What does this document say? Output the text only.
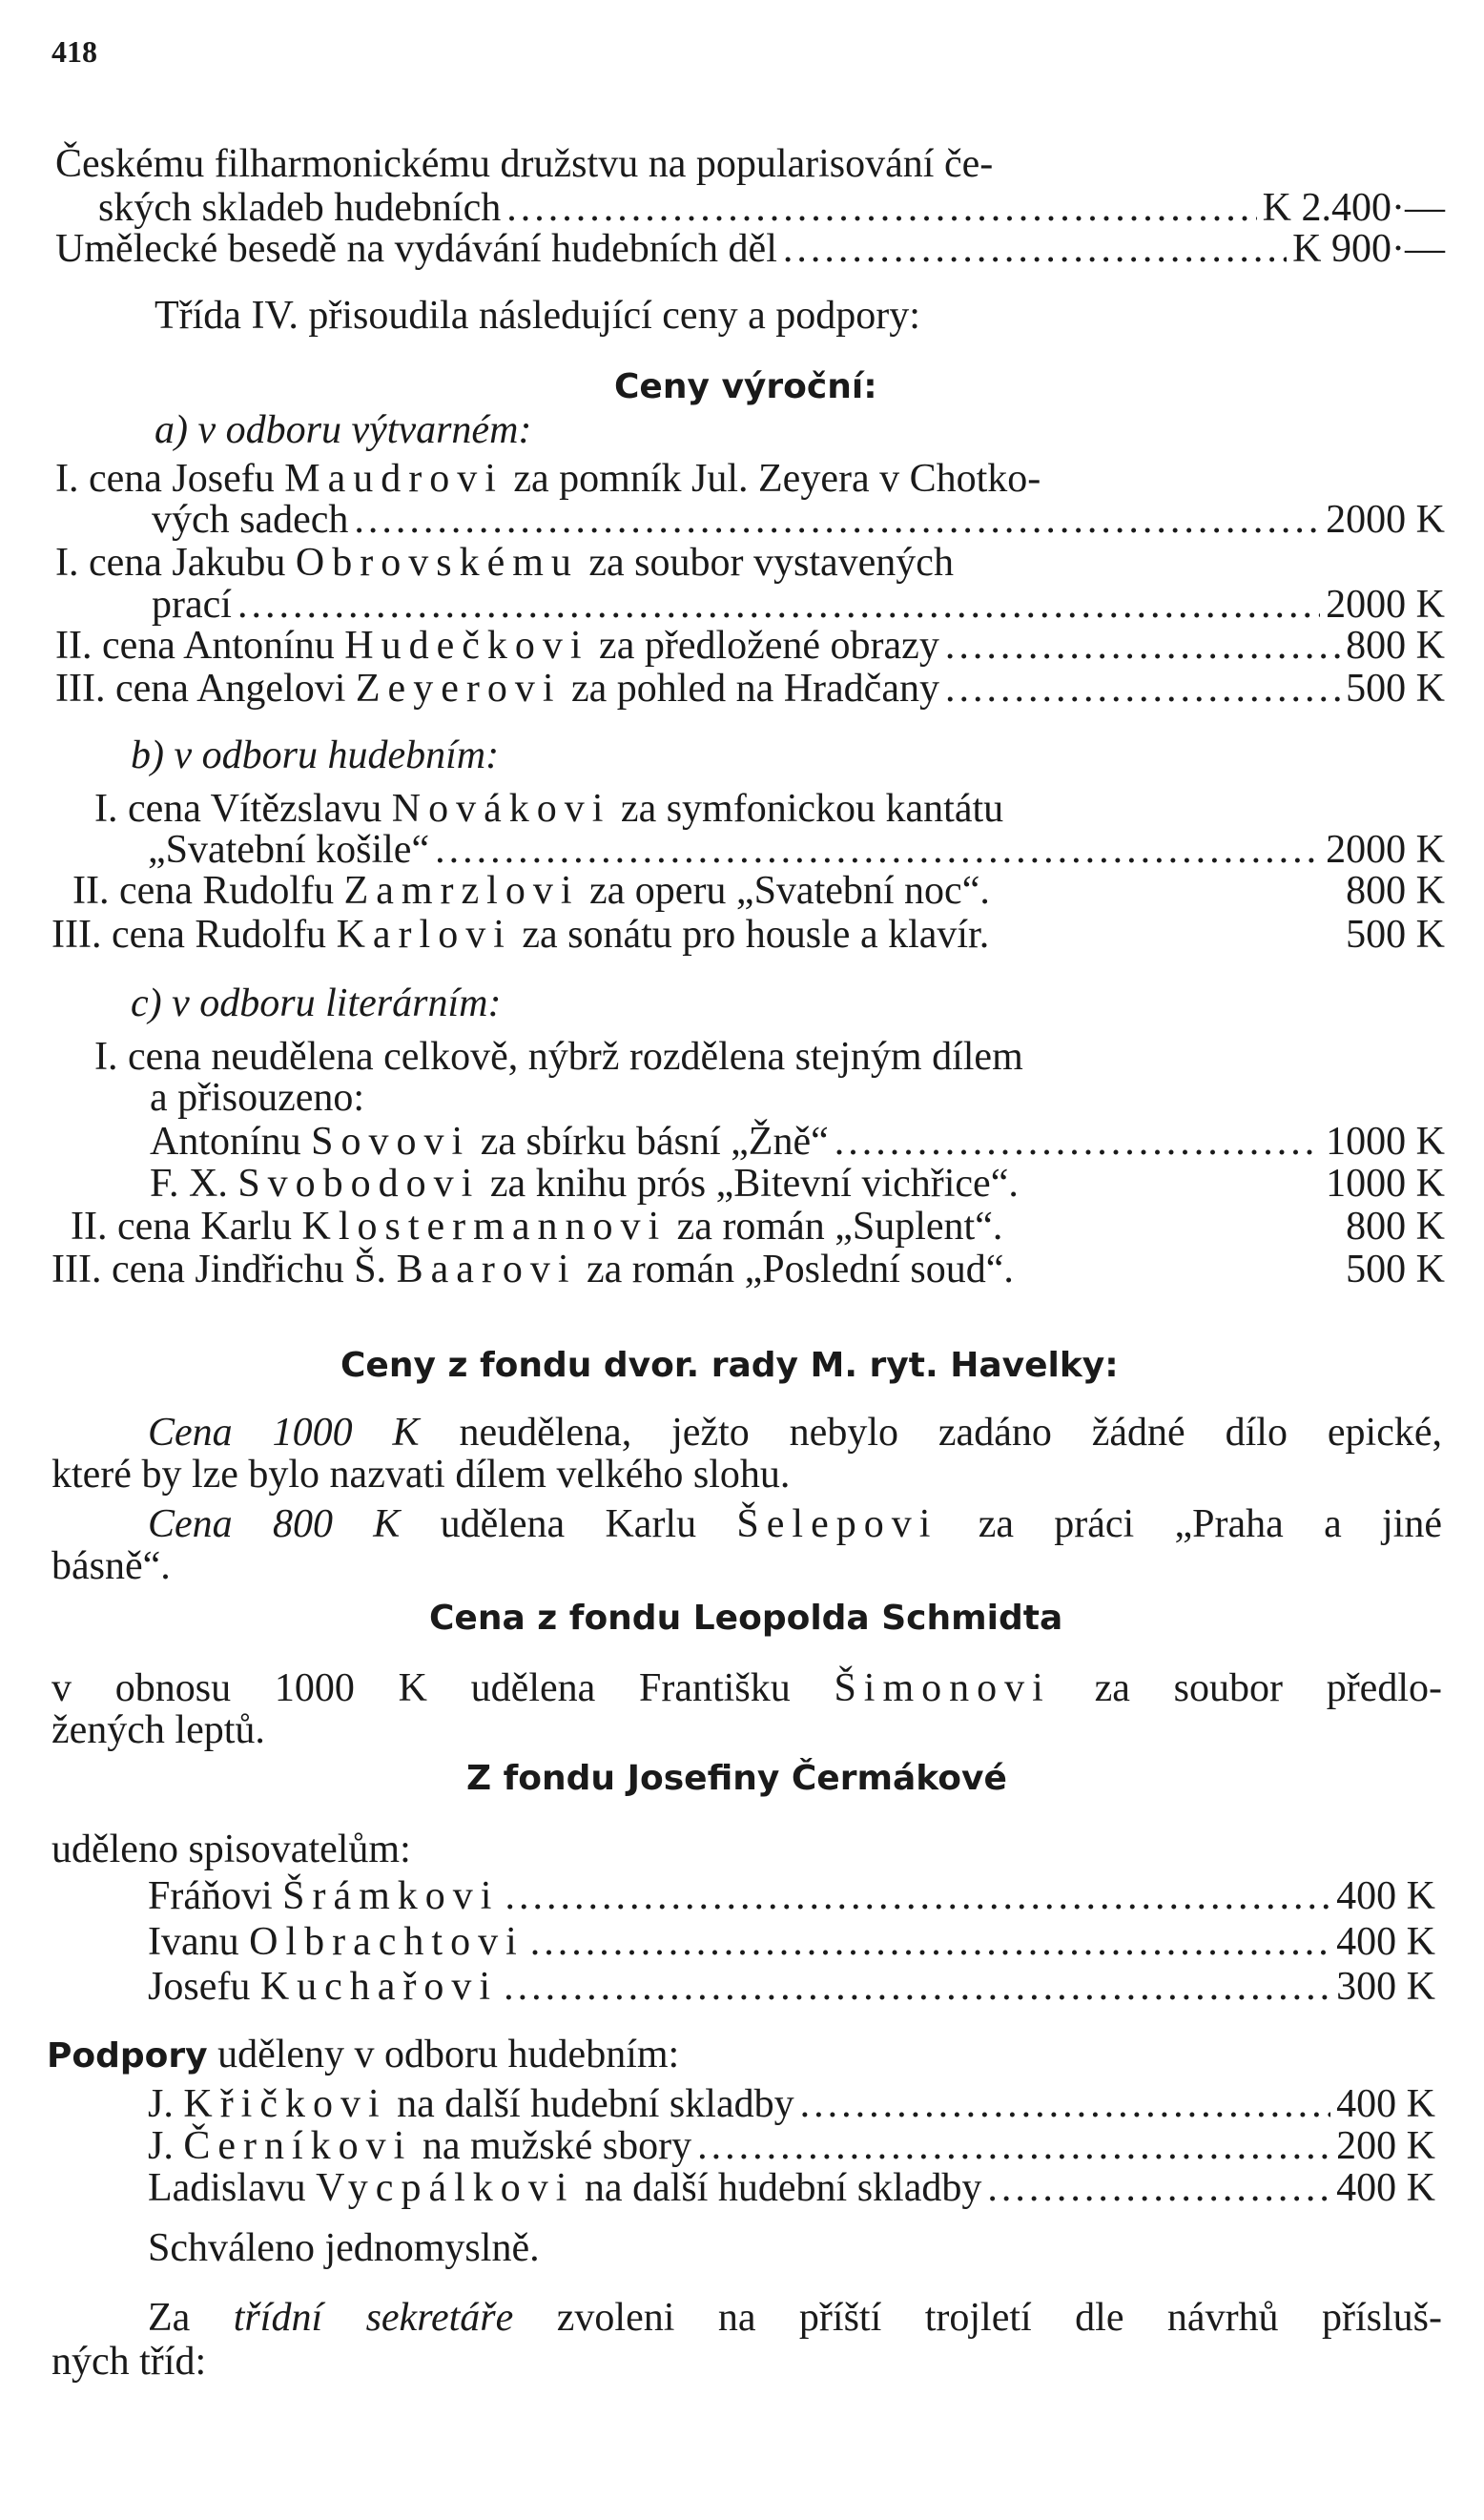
418
Českému filharmonickému družstvu na popularisování če-
ských skladeb hudebních .....	K 2.400·—
Umělecké besedě na vydávání hudebních děl .....	K 900·—
Třída IV. přisoudila následující ceny a podpory:
Ceny výroční:
a) v odboru výtvarném:
I. cena Josefu Maudrovi za pomník Jul. Zeyera v Chotko-
vých sadech .....	2000 K
I. cena Jakubu Obrovskému za soubor vystavených
prací .....	2000 K
II. cena Antonínu Hudečkovi za předložené obrazy .....	800 K
III. cena Angelovi Zeyerovi za pohled na Hradčany .....	500 K
b) v odboru hudebním:
I. cena Vítězslavu Novákovi za symfonickou kantátu
„Svatební košile“ .....	2000 K
II. cena Rudolfu Zamrzlovi za operu „Svatební noc“.	800 K
III. cena Rudolfu Karlovi za sonátu pro housle a klavír.	500 K
c) v odboru literárním:
I. cena neudělena celkově, nýbrž rozdělena stejným dílem
a přisouzeno:
Antonínu Sovovi za sbírku básní „Žně“ .....	1000 K
F. X. Svobodovi za knihu prós „Bitevní vichřice“.	1000 K
II. cena Karlu Klostermannovi za román „Suplent“.	800 K
III. cena Jindřichu Š. Baarovi za román „Poslední soud“.	500 K
Ceny z fondu dvor. rady M. ryt. Havelky:
Cena 1000 K neudělena, ježto nebylo zadáno žádné dílo epické,
které by lze bylo nazvati dílem velkého slohu.
Cena 800 K udělena Karlu Šelepovi za práci „Praha a jiné
básně“.
Cena z fondu Leopolda Schmidta
v obnosu 1000 K udělena Františku Šimonovi za soubor předlo-
žených leptů.
Z fondu Josefiny Čermákové
uděleno spisovatelům:
Fráňovi Šrámkovi .....	400 K
Ivanu Olbrachtovi .....	400 K
Josefu Kuchařovi .....	300 K
Podpory uděleny v odboru hudebním:
J. Křičkovi na další hudební skladby .....	400 K
J. Černíkovi na mužské sbory .....	200 K
Ladislavu Vycpálkovi na další hudební skladby .....	400 K
Schváleno jednomyslně.
Za třídní sekretáře zvoleni na příští trojletí dle návrhů přísluš-
ných tříd:
